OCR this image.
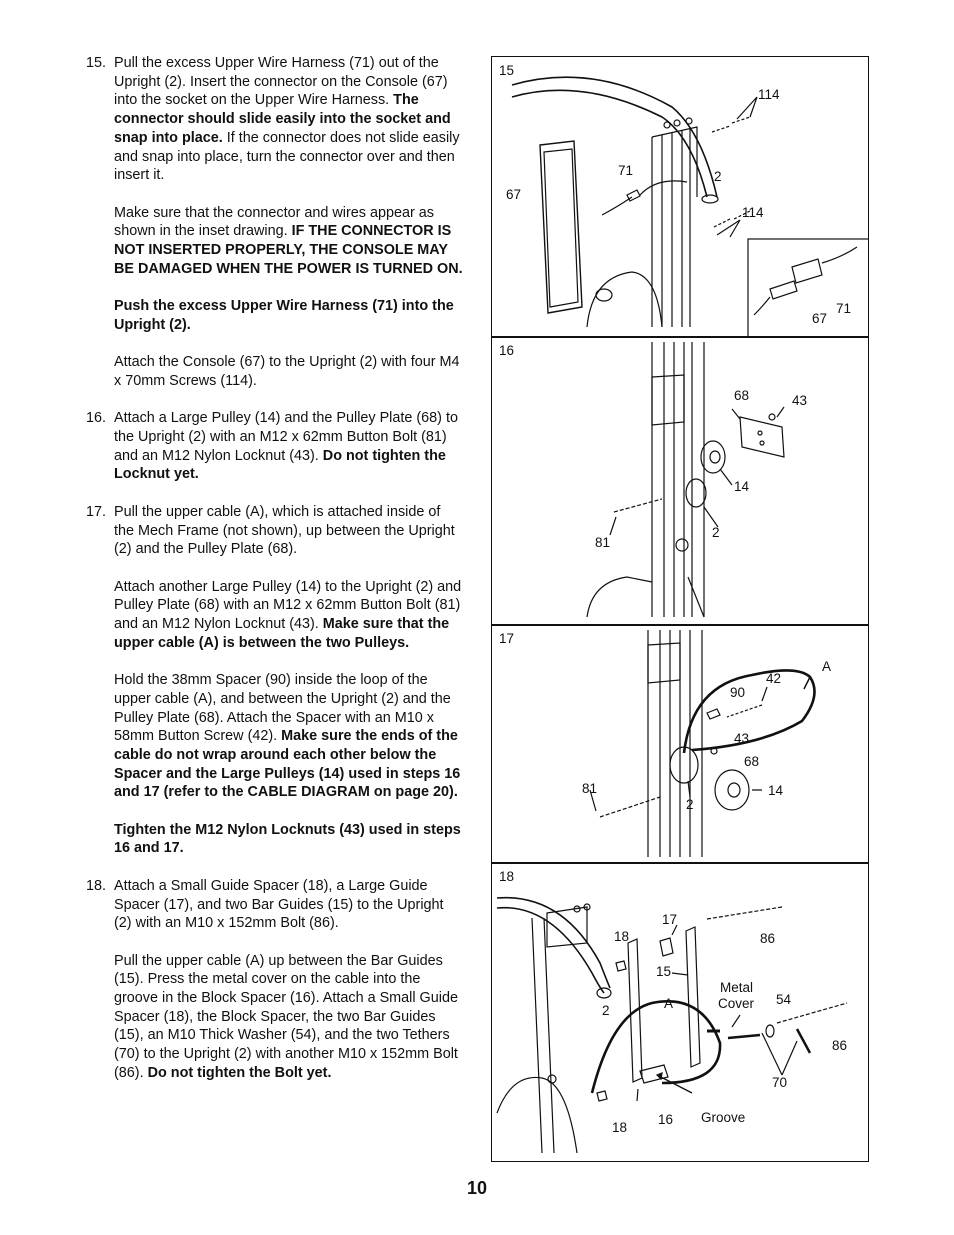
15. Pull the excess Upper Wire Harness (71) out of the Upright (2). Insert the connector on the Console (67) into the socket on the Upper Wire Harness. The connector should slide easily into the socket and snap into place. If the connector does not slide easily and snap into place, turn the connector over and then insert it.

Make sure that the connector and wires appear as shown in the inset drawing. IF THE CONNECTOR IS NOT INSERTED PROPERLY, THE CONSOLE MAY BE DAMAGED WHEN THE POWER IS TURNED ON.

Push the excess Upper Wire Harness (71) into the Upright (2).

Attach the Console (67) to the Upright (2) with four M4 x 70mm Screws (114).

16. Attach a Large Pulley (14) and the Pulley Plate (68) to the Upright (2) with an M12 x 62mm Button Bolt (81) and an M12 Nylon Locknut (43). Do not tighten the Locknut yet.

17. Pull the upper cable (A), which is attached inside of the Mech Frame (not shown), up between the Upright (2) and the Pulley Plate (68).

Attach another Large Pulley (14) to the Upright (2) and Pulley Plate (68) with an M12 x 62mm Button Bolt (81) and an M12 Nylon Locknut (43). Make sure that the upper cable (A) is between the two Pulleys.

Hold the 38mm Spacer (90) inside the loop of the upper cable (A), and between the Upright (2) and the Pulley Plate (68). Attach the Spacer with an M10 x 58mm Button Screw (42). Make sure the ends of the cable do not wrap around each other below the Spacer and the Large Pulleys (14) used in steps 16 and 17 (refer to the CABLE DIAGRAM on page 20).

Tighten the M12 Nylon Locknuts (43) used in steps 16 and 17.

18. Attach a Small Guide Spacer (18), a Large Guide Spacer (17), and two Bar Guides (15) to the Upright (2) with an M10 x 152mm Bolt (86).

Pull the upper cable (A) up between the Bar Guides (15). Press the metal cover on the cable into the groove in the Block Spacer (16). Attach a Small Guide Spacer (18), the Block Spacer, the two Bar Guides (15), an M10 Thick Washer (54), and the two Tethers (70) to the Upright (2) with another M10 x 152mm Bolt (86). Do not tighten the Bolt yet.

10
15
114
2
71
67
114
71
67
16
68	43
14
2
81
17
A
42
90
43
68
81
2
14
18
17
18	86
15
2
Metal
Cover 54
A
86
70
18
16 Groove
